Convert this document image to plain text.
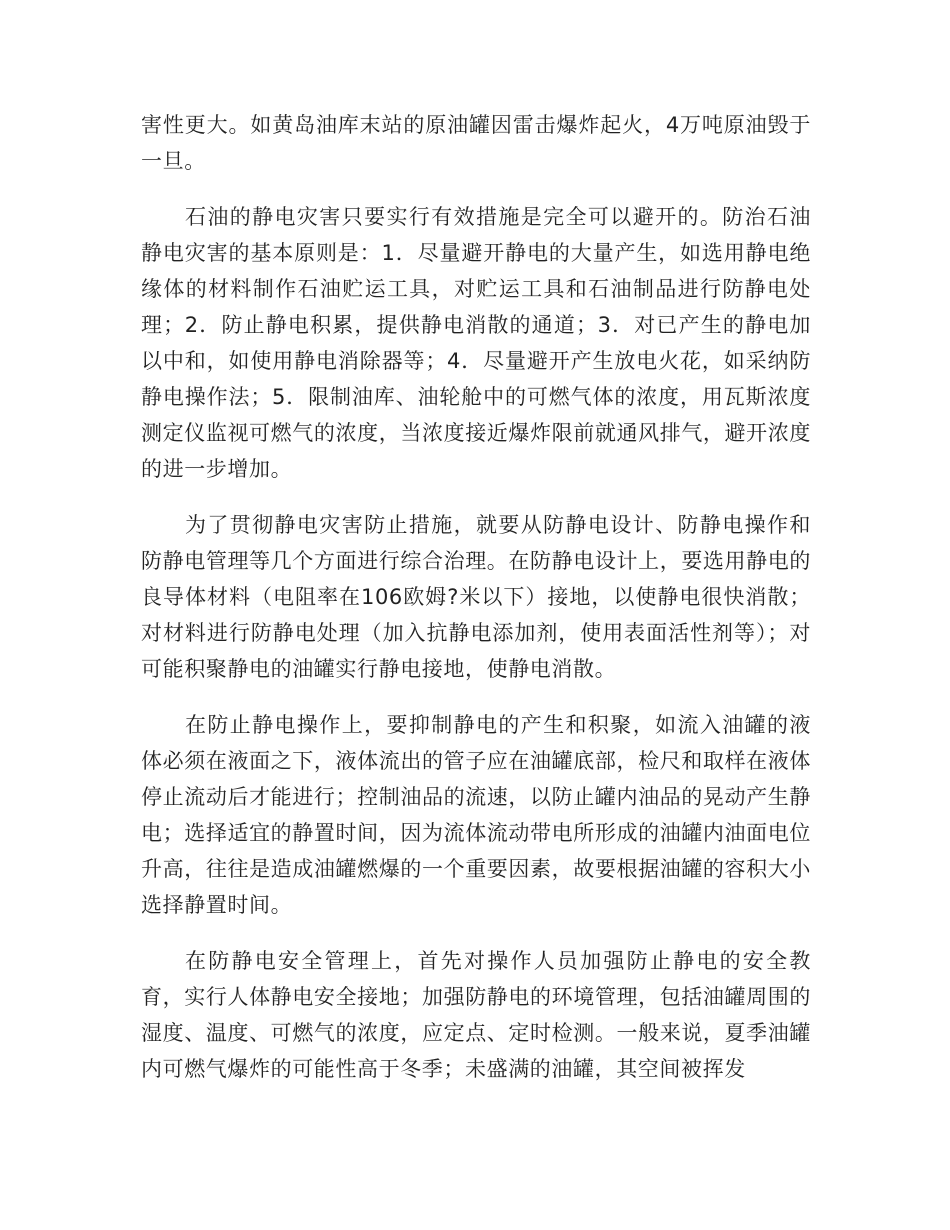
害性更大。如黄岛油库末站的原油罐因雷击爆炸起火，4万吨原油毁于一旦。

石油的静电灾害只要实行有效措施是完全可以避开的。防治石油静电灾害的基本原则是：1．尽量避开静电的大量产生，如选用静电绝缘体的材料制作石油贮运工具，对贮运工具和石油制品进行防静电处理；2．防止静电积累，提供静电消散的通道；3．对已产生的静电加以中和，如使用静电消除器等；4．尽量避开产生放电火花，如采纳防静电操作法；5．限制油库、油轮舱中的可燃气体的浓度，用瓦斯浓度测定仪监视可燃气的浓度，当浓度接近爆炸限前就通风排气，避开浓度的进一步增加。

为了贯彻静电灾害防止措施，就要从防静电设计、防静电操作和防静电管理等几个方面进行综合治理。在防静电设计上，要选用静电的良导体材料（电阻率在106欧姆?米以下）接地，以使静电很快消散；对材料进行防静电处理（加入抗静电添加剂，使用表面活性剂等）；对可能积聚静电的油罐实行静电接地，使静电消散。

在防止静电操作上，要抑制静电的产生和积聚，如流入油罐的液体必须在液面之下，液体流出的管子应在油罐底部，检尺和取样在液体停止流动后才能进行；控制油品的流速，以防止罐内油品的晃动产生静电；选择适宜的静置时间，因为流体流动带电所形成的油罐内油面电位升高，往往是造成油罐燃爆的一个重要因素，故要根据油罐的容积大小选择静置时间。

在防静电安全管理上，首先对操作人员加强防止静电的安全教育，实行人体静电安全接地；加强防静电的环境管理，包括油罐周围的湿度、温度、可燃气的浓度，应定点、定时检测。一般来说，夏季油罐内可燃气爆炸的可能性高于冬季；未盛满的油罐，其空间被挥发
